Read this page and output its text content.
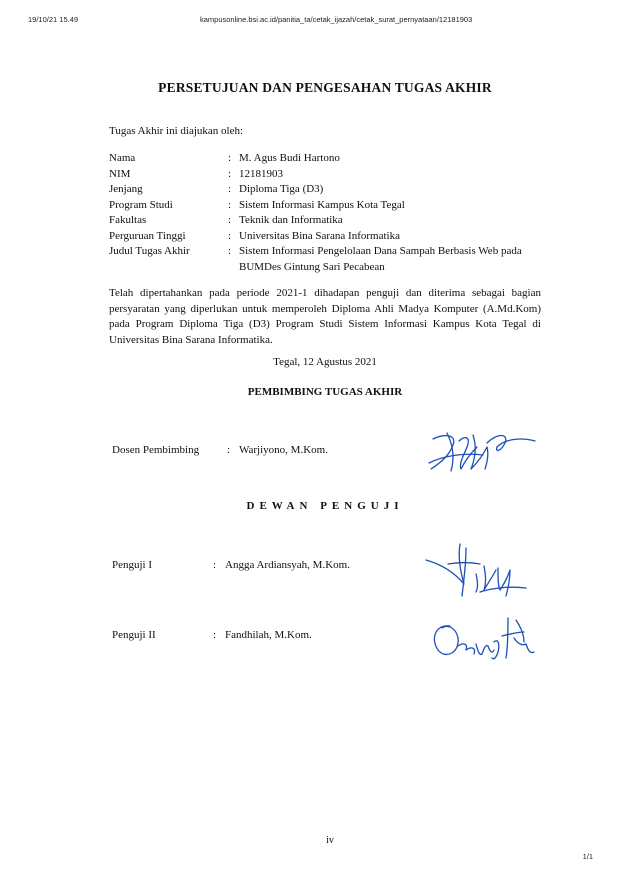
19/10/21 15.49	kampusonline.bsi.ac.id/panitia_ta/cetak_ijazah/cetak_surat_pernyataan/12181903
PERSETUJUAN DAN PENGESAHAN TUGAS AKHIR
Tugas Akhir ini diajukan oleh:
Nama	: M. Agus Budi Hartono
NIM	: 12181903
Jenjang	: Diploma Tiga (D3)
Program Studi	: Sistem Informasi Kampus Kota Tegal
Fakultas	: Teknik dan Informatika
Perguruan Tinggi	: Universitas Bina Sarana Informatika
Judul Tugas Akhir	: Sistem Informasi Pengelolaan Dana Sampah Berbasis Web pada BUMDes Gintung Sari Pecabean
Telah dipertahankan pada periode 2021-1 dihadapan penguji dan diterima sebagai bagian persyaratan yang diperlukan untuk memperoleh Diploma Ahli Madya Komputer (A.Md.Kom) pada Program Diploma Tiga (D3) Program Studi Sistem Informasi Kampus Kota Tegal di Universitas Bina Sarana Informatika.
Tegal, 12 Agustus 2021
PEMBIMBING TUGAS AKHIR
Dosen Pembimbing	: Warjiyono, M.Kom.
DEWAN PENGUJI
Penguji I	: Angga Ardiansyah, M.Kom.
Penguji II	: Fandhilah, M.Kom.
iv
1/1
